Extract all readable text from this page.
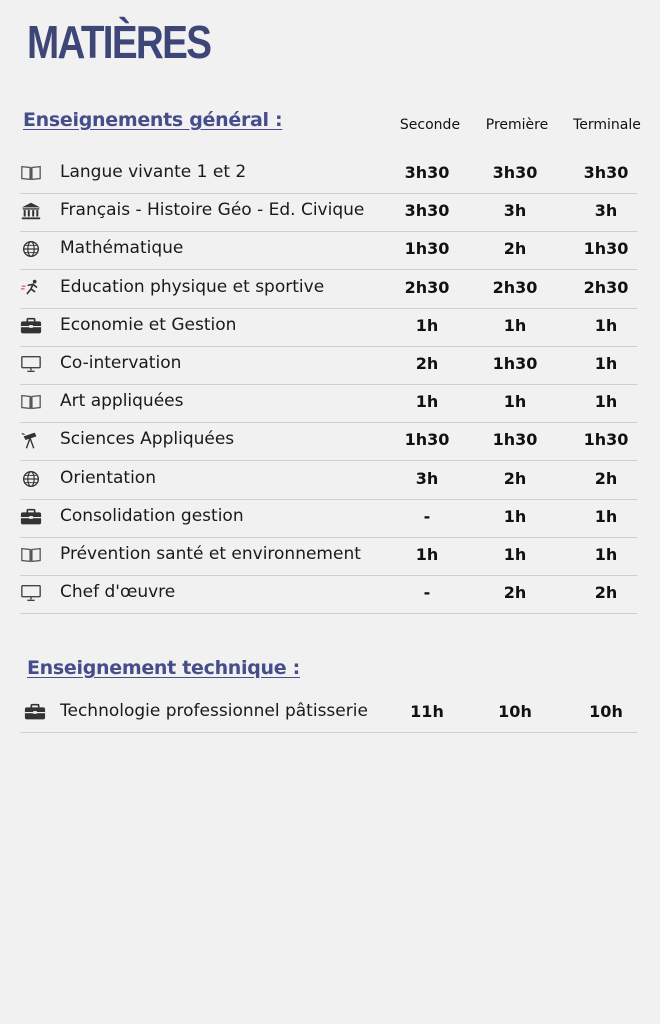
MATIÈRES
Enseignements général :	Seconde	Première	Terminale
Langue vivante 1 et 2	3h30	3h30	3h30
Français - Histoire Géo - Ed. Civique	3h30	3h	3h
Mathématique	1h30	2h	1h30
Education physique et sportive	2h30	2h30	2h30
Economie et Gestion	1h	1h	1h
Co-intervation	2h	1h30	1h
Art appliquées	1h	1h	1h
Sciences Appliquées	1h30	1h30	1h30
Orientation	3h	2h	2h
Consolidation gestion	-	1h	1h
Prévention santé et environnement	1h	1h	1h
Chef d'œuvre	-	2h	2h
Enseignement technique :
Technologie professionnel pâtisserie	11h	10h	10h
